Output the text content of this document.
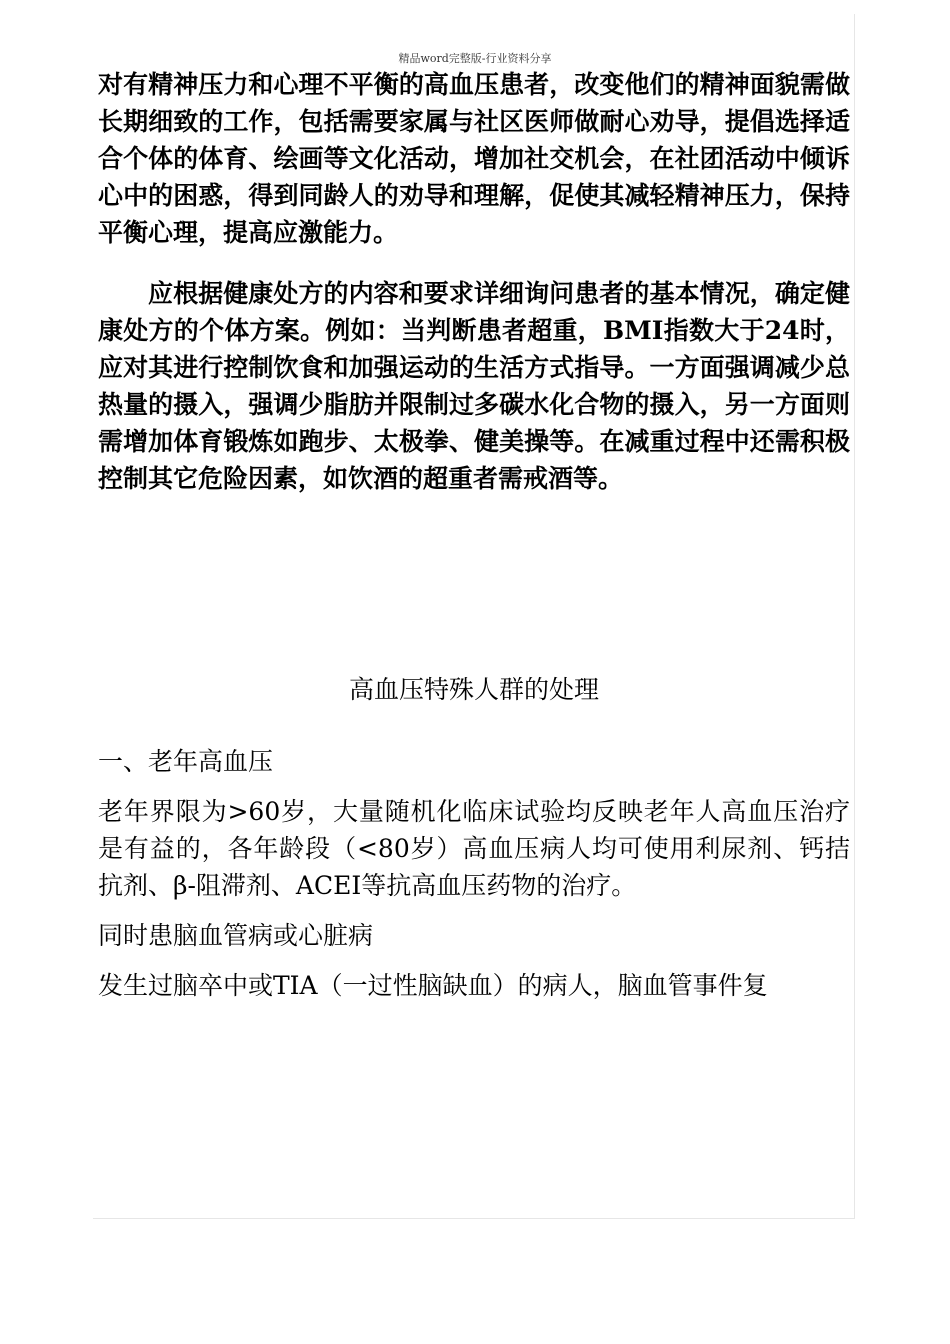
精品word完整版-行业资料分享

对有精神压力和心理不平衡的高血压患者，改变他们的精神面貌需做长期细致的工作，包括需要家属与社区医师做耐心劝导，提倡选择适合个体的体育、绘画等文化活动，增加社交机会，在社团活动中倾诉心中的困惑，得到同龄人的劝导和理解，促使其减轻精神压力，保持平衡心理，提高应激能力。

应根据健康处方的内容和要求详细询问患者的基本情况，确定健康处方的个体方案。例如：当判断患者超重，BMI指数大于24时，应对其进行控制饮食和加强运动的生活方式指导。一方面强调减少总热量的摄入，强调少脂肪并限制过多碳水化合物的摄入，另一方面则需增加体育锻炼如跑步、太极拳、健美操等。在减重过程中还需积极控制其它危险因素，如饮酒的超重者需戒酒等。

高血压特殊人群的处理
一、老年高血压

老年界限为>60岁，大量随机化临床试验均反映老年人高血压治疗是有益的，各年龄段（<80岁）高血压病人均可使用利尿剂、钙拮抗剂、β-阻滞剂、ACEI等抗高血压药物的治疗。

同时患脑血管病或心脏病

发生过脑卒中或TIA（一过性脑缺血）的病人，脑血管事件复
